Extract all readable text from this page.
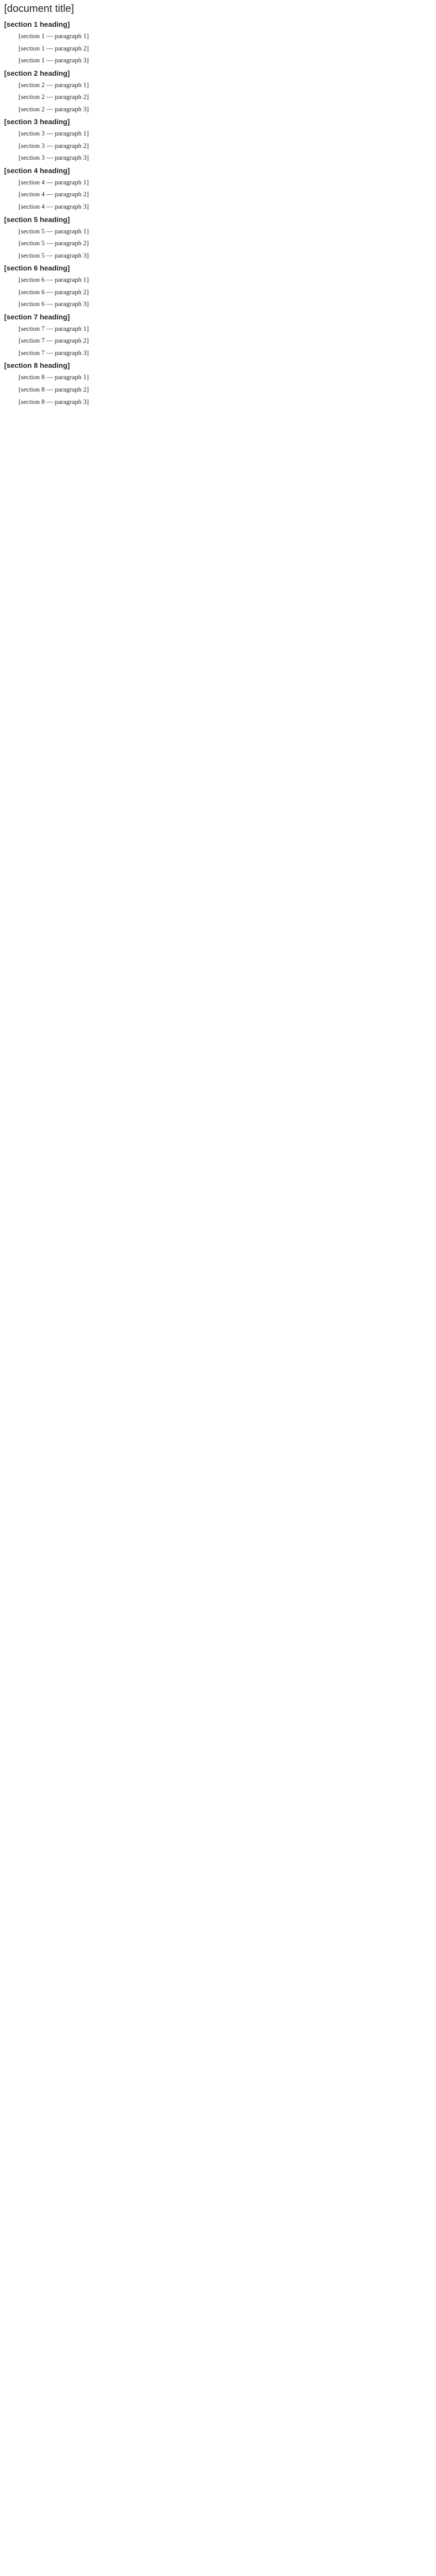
[document title]
[section 1 heading]

[section 1 — paragraph 1]

[section 1 — paragraph 2]

[section 1 — paragraph 3]

[section 2 heading]

[section 2 — paragraph 1]

[section 2 — paragraph 2]

[section 2 — paragraph 3]

[section 3 heading]

[section 3 — paragraph 1]

[section 3 — paragraph 2]

[section 3 — paragraph 3]

[section 4 heading]

[section 4 — paragraph 1]

[section 4 — paragraph 2]

[section 4 — paragraph 3]

[section 5 heading]

[section 5 — paragraph 1]

[section 5 — paragraph 2]

[section 5 — paragraph 3]

[section 6 heading]

[section 6 — paragraph 1]

[section 6 — paragraph 2]

[section 6 — paragraph 3]

[section 7 heading]

[section 7 — paragraph 1]

[section 7 — paragraph 2]

[section 7 — paragraph 3]

[section 8 heading]

[section 8 — paragraph 1]

[section 8 — paragraph 2]

[section 8 — paragraph 3]
